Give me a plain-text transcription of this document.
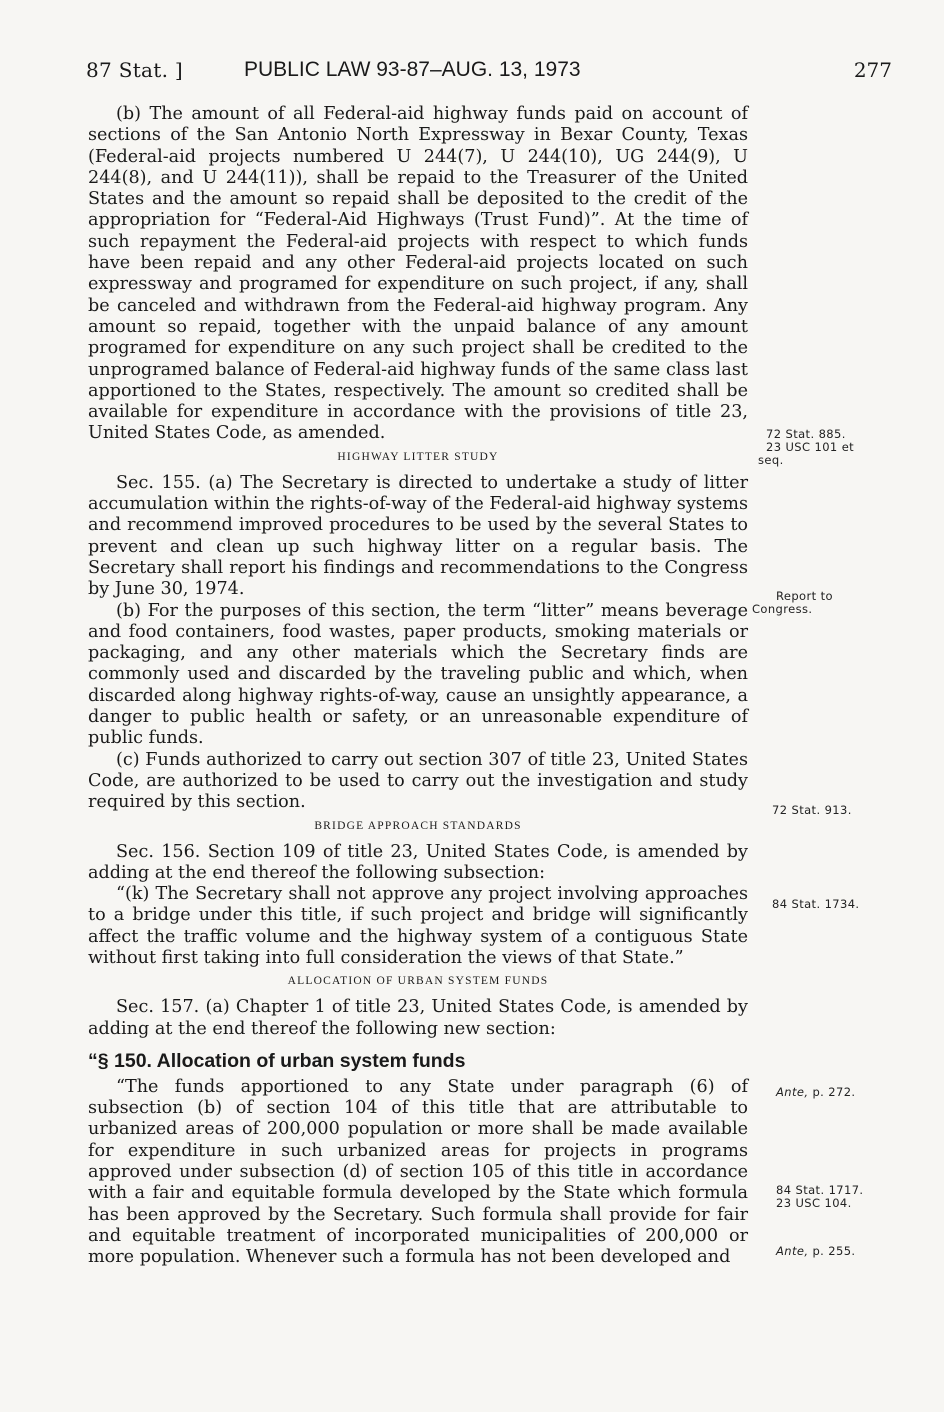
87 Stat. ]	PUBLIC LAW 93-87–AUG. 13, 1973	277

(b) The amount of all Federal-aid highway funds paid on account of sections of the San Antonio North Expressway in Bexar County, Texas (Federal-aid projects numbered U 244(7), U 244(10), UG 244(9), U 244(8), and U 244(11)), shall be repaid to the Treasurer of the United States and the amount so repaid shall be deposited to the credit of the appropriation for “Federal-Aid Highways (Trust Fund)”. At the time of such repayment the Federal-aid projects with respect to which funds have been repaid and any other Federal-aid projects located on such expressway and programed for expenditure on such project, if any, shall be canceled and withdrawn from the Federal-aid highway program. Any amount so repaid, together with the unpaid balance of any amount programed for expenditure on any such project shall be credited to the unprogramed balance of Federal-aid highway funds of the same class last apportioned to the States, respectively. The amount so credited shall be available for expenditure in accordance with the provisions of title 23, United States Code, as amended.

HIGHWAY LITTER STUDY

Sec. 155. (a) The Secretary is directed to undertake a study of litter accumulation within the rights-of-way of the Federal-aid highway systems and recommend improved procedures to be used by the several States to prevent and clean up such highway litter on a regular basis. The Secretary shall report his findings and recommendations to the Congress by June 30, 1974.

(b) For the purposes of this section, the term “litter” means beverage and food containers, food wastes, paper products, smoking materials or packaging, and any other materials which the Secretary finds are commonly used and discarded by the traveling public and which, when discarded along highway rights-of-way, cause an unsightly appearance, a danger to public health or safety, or an unreasonable expenditure of public funds.

(c) Funds authorized to carry out section 307 of title 23, United States Code, are authorized to be used to carry out the investigation and study required by this section.

BRIDGE APPROACH STANDARDS

Sec. 156. Section 109 of title 23, United States Code, is amended by adding at the end thereof the following subsection:

“(k) The Secretary shall not approve any project involving approaches to a bridge under this title, if such project and bridge will significantly affect the traffic volume and the highway system of a contiguous State without first taking into full consideration the views of that State.”

ALLOCATION OF URBAN SYSTEM FUNDS

Sec. 157. (a) Chapter 1 of title 23, United States Code, is amended by adding at the end thereof the following new section:

“§ 150. Allocation of urban system funds

“The funds apportioned to any State under paragraph (6) of subsection (b) of section 104 of this title that are attributable to urbanized areas of 200,000 population or more shall be made available for expenditure in such urbanized areas for projects in programs approved under subsection (d) of section 105 of this title in accordance with a fair and equitable formula developed by the State which formula has been approved by the Secretary. Such formula shall provide for fair and equitable treatment of incorporated municipalities of 200,000 or more population. Whenever such a formula has not been developed and

72 Stat. 885.
23 USC 101 et
seq.
Report to
Congress.
72 Stat. 913.
84 Stat. 1734.
Ante, p. 272.
84 Stat. 1717.
23 USC 104.
Ante, p. 255.
